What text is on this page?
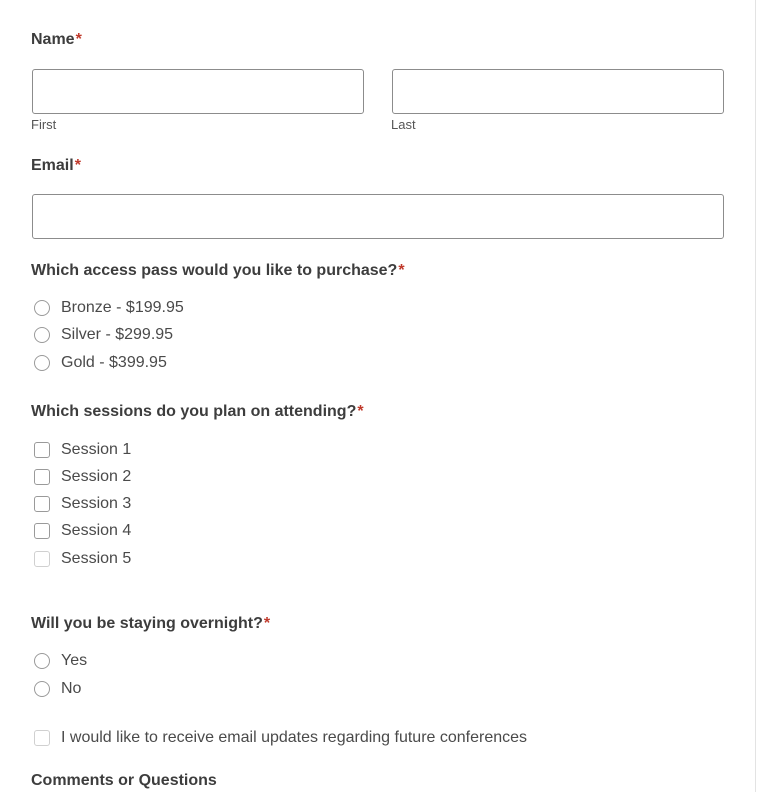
Name*
First	Last
Email*
Which access pass would you like to purchase?*
Bronze - $199.95
Silver - $299.95
Gold - $399.95
Which sessions do you plan on attending?*
Session 1
Session 2
Session 3
Session 4
Session 5
Will you be staying overnight?*
Yes
No
I would like to receive email updates regarding future conferences
Comments or Questions
